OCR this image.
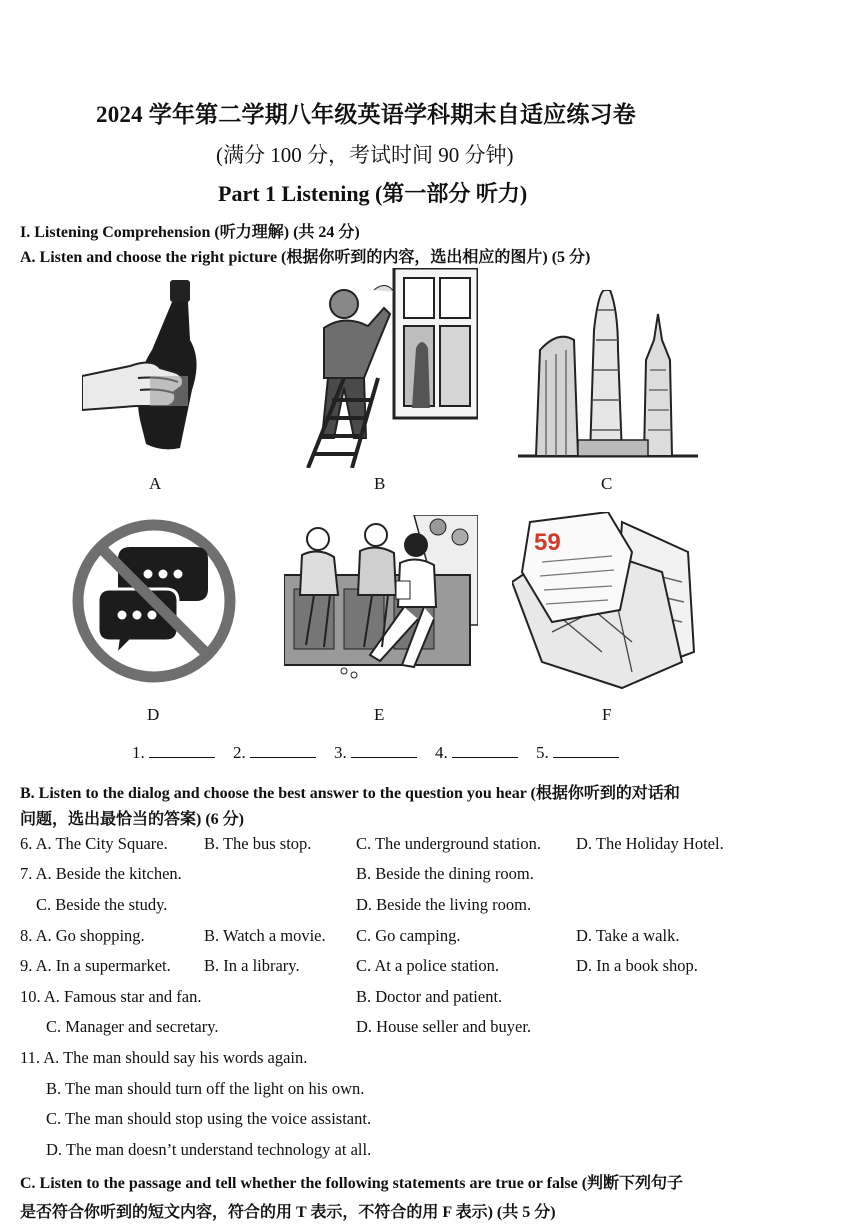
2024 学年第二学期八年级英语学科期末自适应练习卷
(满分 100 分，考试时间 90 分钟)
Part 1 Listening (第一部分 听力)
I. Listening Comprehension (听力理解) (共 24 分)
A. Listen and choose the right picture (根据你听到的内容，选出相应的图片) (5 分)
A	B	C
D	E
59
F
1.	2.	3.	4.	5.
B. Listen to the dialog and choose the best answer to the question you hear (根据你听到的对话和
问题，选出最恰当的答案) (6 分)
6. A. The City Square. B. The bus stop.	C. The underground station. D. The Holiday Hotel.
7. A. Beside the kitchen.	B. Beside the dining room.
C. Beside the study.	D. Beside the living room.
8. A. Go shopping.	B. Watch a movie. C. Go camping.	D. Take a walk.
9. A. In a supermarket. B. In a library.	C. At a police station.	D. In a book shop.
10. A. Famous star and fan.	B. Doctor and patient.
C. Manager and secretary.	D. House seller and buyer.
11. A. The man should say his words again.
B. The man should turn off the light on his own.
C. The man should stop using the voice assistant.
D. The man doesn’t understand technology at all.
C. Listen to the passage and tell whether the following statements are true or false (判断下列句子
是否符合你听到的短文内容，符合的用 T 表示，不符合的用 F 表示) (共 5 分)
